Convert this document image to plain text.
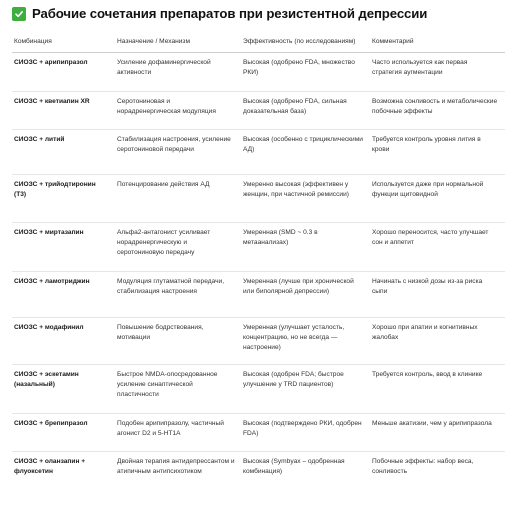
Рабочие сочетания препаратов при резистентной депрессии
Комбинация	Назначение / Механизм	Эффективность (по исследованиям)	Комментарий
СИОЗС + арипипразол	Усиление дофаминергической активности	Высокая (одобрено FDA, множество РКИ)	Часто используется как первая стратегия аугментации
СИОЗС + кветиапин XR	Серотониновая и норадренергическая модуляция	Высокая (одобрено FDA, сильная доказательная база)	Возможна сонливость и метаболические побочные эффекты
СИОЗС + литий	Стабилизация настроения, усиление серотониновой передачи	Высокая (особенно с трициклическими АД)	Требуется контроль уровня лития в крови
СИОЗС + трийодтиронин (Т3)	Потенцирование действия АД	Умеренно высокая (эффективен у женщин, при частичной ремиссии)	Используется даже при нормальной функции щитовидной
СИОЗС + миртазапин	Альфа2-антагонист усиливает норадренергическую и серотониновую передачу	Умеренная (SMD ~ 0.3 в метаанализах)	Хорошо переносится, часто улучшает сон и аппетит
СИОЗС + ламотриджин	Модуляция глутаматной передачи, стабилизация настроения	Умеренная (лучше при хронической или биполярной депрессии)	Начинать с низкой дозы из-за риска сыпи
СИОЗС + модафинил	Повышение бодрствования, мотивации	Умеренная (улучшает усталость, концентрацию, но не всегда — настроение)	Хорошо при апатии и когнитивных жалобах
СИОЗС + эскетамин (назальный)	Быстрое NMDA-опосредованное усиление синаптической пластичности	Высокая (одобрен FDA; быстрое улучшение у TRD пациентов)	Требуется контроль, ввод в клинике
СИОЗС + брепипразол	Подобен арипипразолу, частичный агонист D2 и 5-HT1A	Высокая (подтверждено РКИ, одобрен FDA)	Меньше акатизии, чем у арипипразола
СИОЗС + оланзапин + флуоксетин	Двойная терапия антидепрессантом и атипичным антипсихотиком	Высокая (Symbyax – одобренная комбинация)	Побочные эффекты: набор веса, сонливость
